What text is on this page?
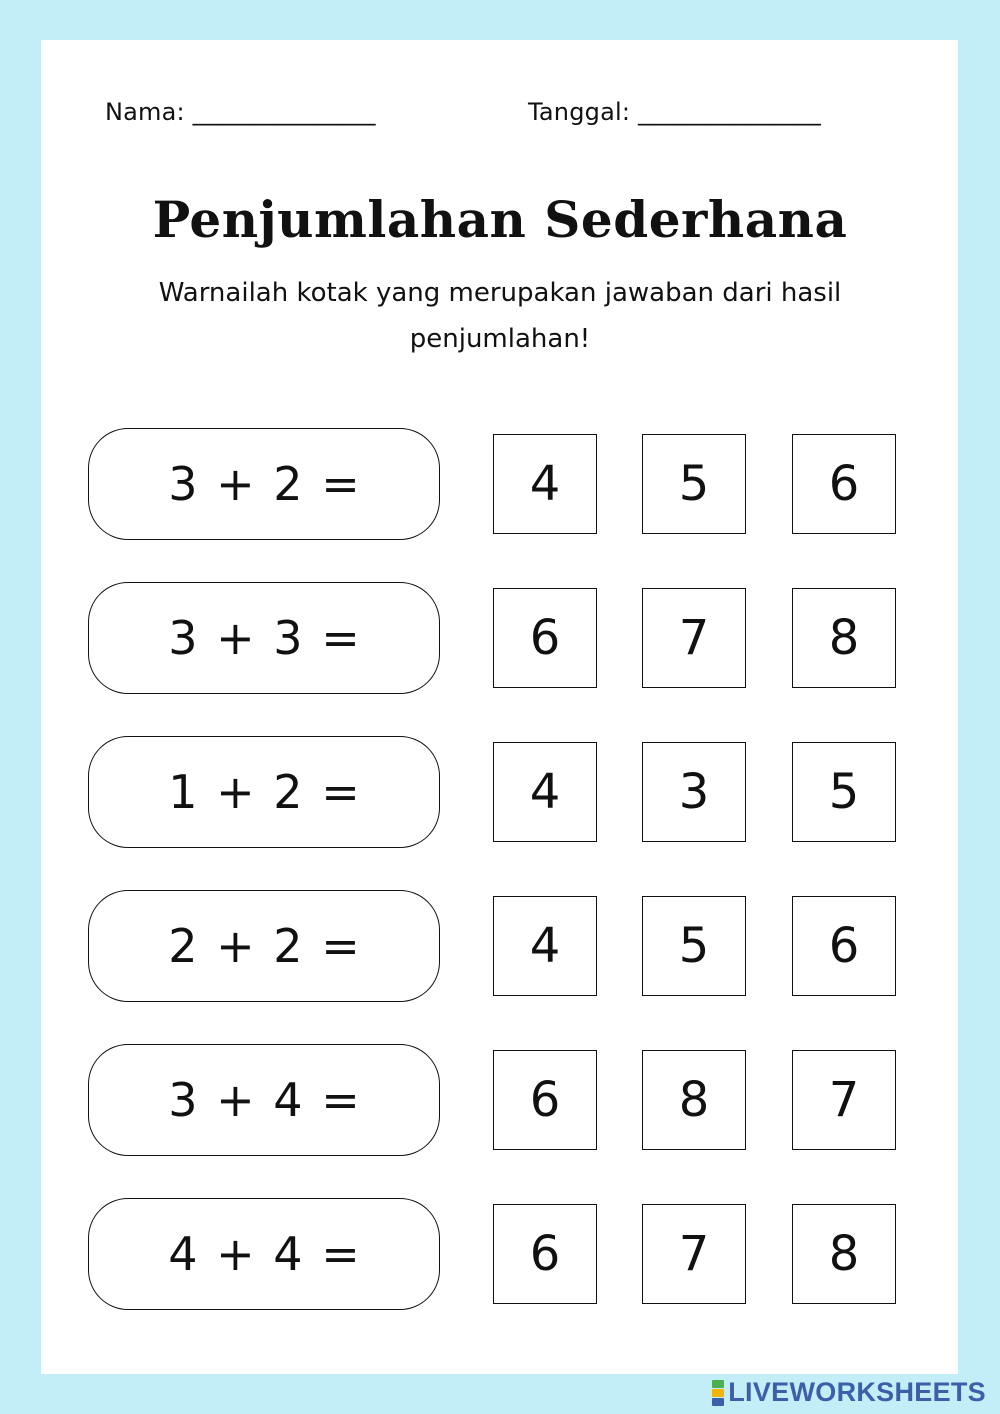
Nama: _______________	Tanggal: _______________
Penjumlahan Sederhana
Warnailah kotak yang merupakan jawaban dari hasil penjumlahan!
3 + 2 =	4	5	6
3 + 3 =	6	7	8
1 + 2 =	4	3	5
2 + 2 =	4	5	6
3 + 4 =	6	8	7
4 + 4 =	6	7	8
LIVEWORKSHEETS
